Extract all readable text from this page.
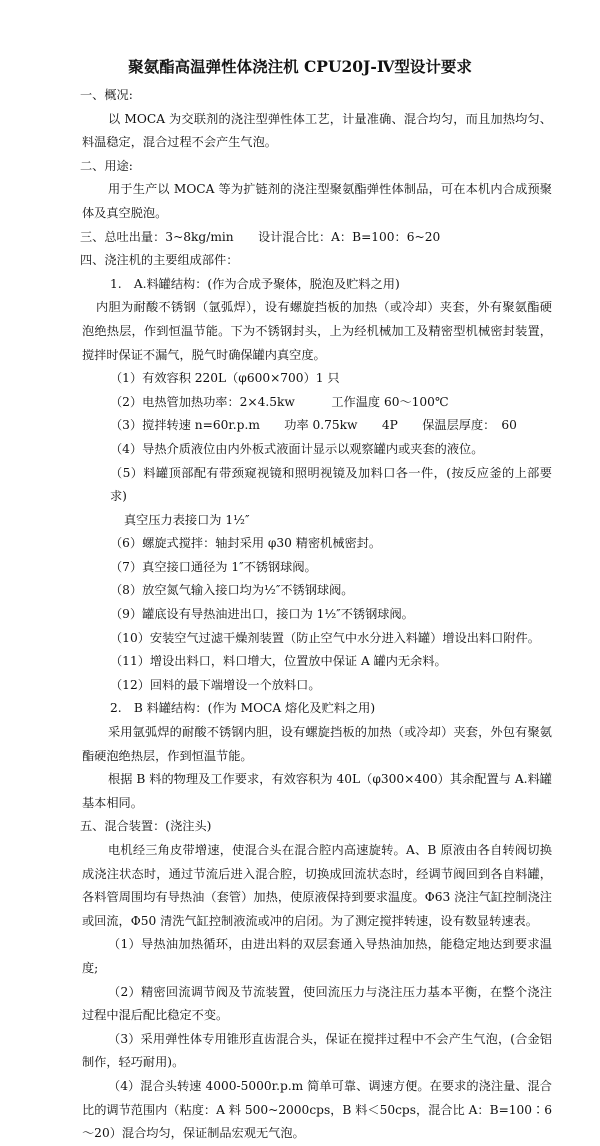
聚氨酯高温弹性体浇注机 CPU20J-Ⅳ型设计要求

一、概况:

以 MOCA 为交联剂的浇注型弹性体工艺，计量准确、混合均匀，而且加热均匀、料温稳定，混合过程不会产生气泡。

二、用途:

用于生产以 MOCA 等为扩链剂的浇注型聚氨酯弹性体制品，可在本机内合成预聚体及真空脱泡。

三、总吐出量：3~8kg/min　　设计混合比：A：B=100：6~20

四、浇注机的主要组成部件：

1.　A.料罐结构：(作为合成予聚体，脱泡及贮料之用)

内胆为耐酸不锈钢（氩弧焊），设有螺旋挡板的加热（或冷却）夹套，外有聚氨酯硬泡绝热层，作到恒温节能。下为不锈钢封头，上为经机械加工及精密型机械密封装置，搅拌时保证不漏气，脱气时确保罐内真空度。

（1）有效容积 220L（φ600×700）1 只

（2）电热管加热功率：2×4.5kw　　　工作温度 60～100℃

（3）搅拌转速 n=60r.p.m　　功率 0.75kw　　4P　　保温层厚度：　60

（4）导热介质液位由内外板式液面计显示以观察罐内或夹套的液位。

（5）料罐顶部配有带颈窥视镜和照明视镜及加料口各一件，(按反应釜的上部要求)

真空压力表接口为 1½″

（6）螺旋式搅拌：轴封采用 φ30 精密机械密封。

（7）真空接口通径为 1″不锈钢球阀。

（8）放空氮气输入接口均为½″不锈钢球阀。

（9）罐底设有导热油进出口，接口为 1½″不锈钢球阀。

（10）安装空气过滤干燥剂装置（防止空气中水分进入料罐）增设出料口附件。

（11）增设出料口，料口增大，位置放中保证 A 罐内无余料。

（12）回料的最下端增设一个放料口。

2.　B 料罐结构：(作为 MOCA 熔化及贮料之用)

采用氩弧焊的耐酸不锈钢内胆，设有螺旋挡板的加热（或冷却）夹套，外包有聚氨酯硬泡绝热层，作到恒温节能。

根据 B 料的物理及工作要求，有效容积为 40L（φ300×400）其余配置与 A.料罐基本相同。

五、混合装置：(浇注头)

电机经三角皮带增速，使混合头在混合腔内高速旋转。A、B 原液由各自转阀切换成浇注状态时，通过节流后进入混合腔，切换成回流状态时，经调节阀回到各自料罐，各料管周围均有导热油（套管）加热，使原液保持到要求温度。Φ63 浇注气缸控制浇注或回流，Φ50 清洗气缸控制液流或冲的启闭。为了测定搅拌转速，设有数显转速表。

（1）导热油加热循环，由进出料的双层套通入导热油加热，能稳定地达到要求温度;

（2）精密回流调节阀及节流装置，使回流压力与浇注压力基本平衡，在整个浇注过程中混后配比稳定不变。

（3）采用弹性体专用锥形直齿混合头，保证在搅拌过程中不会产生气泡，(合金铝制作，轻巧耐用)。

（4）混合头转速 4000-5000r.p.m 简单可靠、调速方便。在要求的浇注量、混合比的调节范围内（粘度：A 料 500~2000cps，B 料＜50cps，混合比 A：B=100∶6～20）混合均匀，保证制品宏观无气泡。
